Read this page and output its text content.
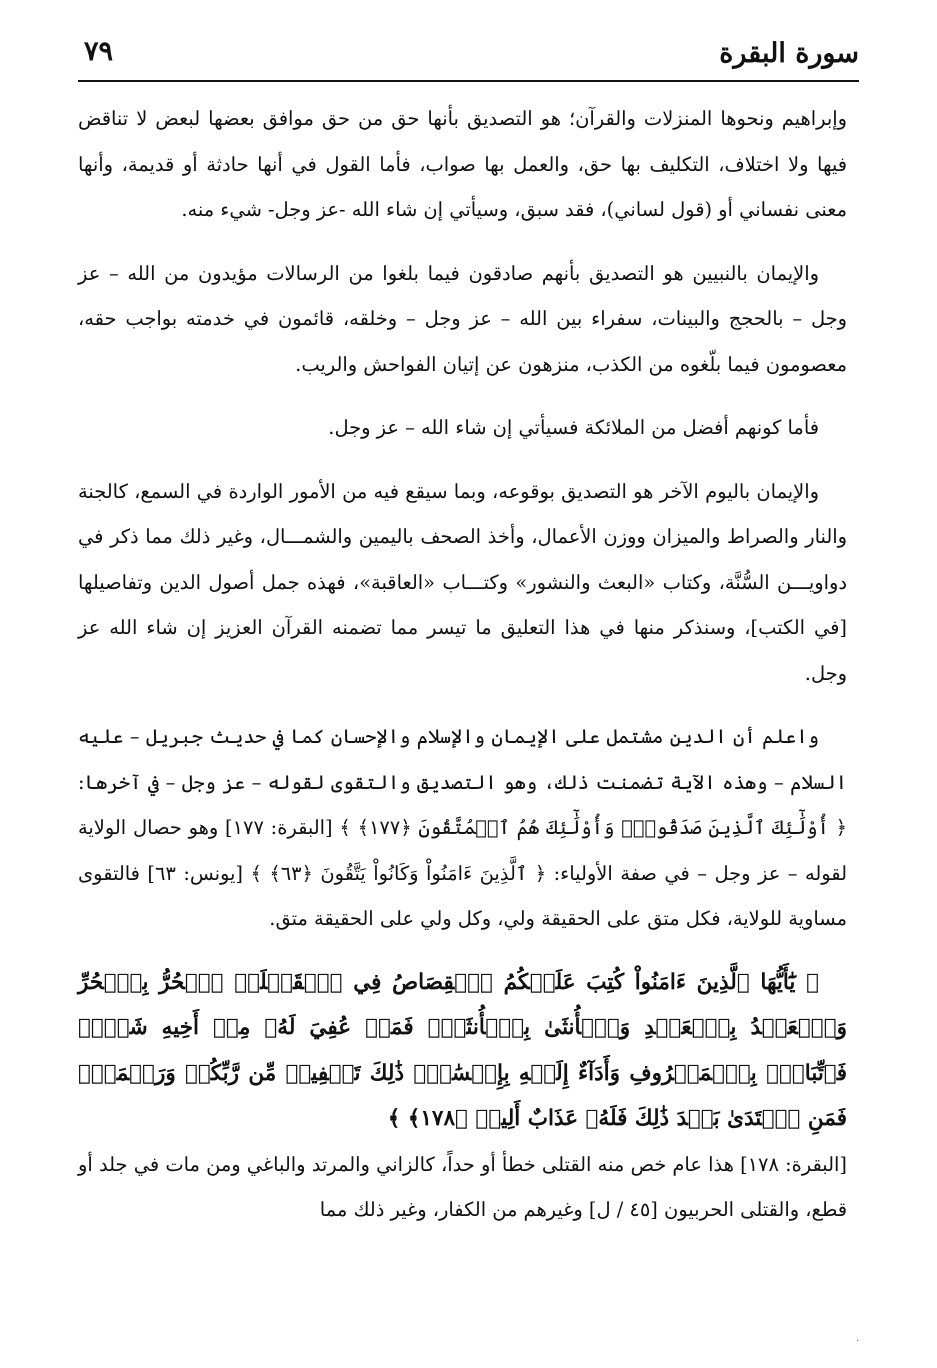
سورة البقرة
٧٩

وإبراهيم ونحوها المنزلات والقرآن؛ هو التصديق بأنها حق من حق موافق بعضها لبعض لا تناقض فيها ولا اختلاف، التكليف بها حق، والعمل بها صواب، فأما القول في أنها حادثة أو قديمة، وأنها معنى نفساني أو (قول لساني)، فقد سبق، وسيأتي إن شاء الله -عز وجل- شيء منه.

والإيمان بالنبيين هو التصديق بأنهم صادقون فيما بلغوا من الرسالات مؤيدون من الله – عز وجل – بالحجج والبينات، سفراء بين الله – عز وجل – وخلقه، قائمون في خدمته بواجب حقه، معصومون فيما بلّغوه من الكذب، منزهون عن إتيان الفواحش والريب.

فأما كونهم أفضل من الملائكة فسيأتي إن شاء الله – عز وجل.

والإيمان باليوم الآخر هو التصديق بوقوعه، وبما سيقع فيه من الأمور الواردة في السمع، كالجنة والنار والصراط والميزان ووزن الأعمال، وأخذ الصحف باليمين والشمـــال، وغير ذلك مما ذكر في دواويـــن السُّنَّة، وكتاب «البعث والنشور» وكتـــاب «العاقبة»، فهذه جمل أصول الدين وتفاصيلها [في الكتب]، وسنذكر منها في هذا التعليق ما تيسر مما تضمنه القرآن العزيز إن شاء الله عز وجل.

واعلم أن الدين مشتمل على الإيمان والإسلام والإحسان كما في حديث جبريل – عليه السلام – وهذه الآية تضمنت ذلك، وهو التصديق والتقوى لقوله – عز وجل – في آخرها: ﴿ أُوْلَٰٓئِكَ ٱلَّذِينَ صَدَقُواْۖ وَأُوْلَٰٓئِكَ هُمُ ٱلۡمُتَّقُونَ ﴿١٧٧﴾ ﴾ [البقرة: ١٧٧] وهو حصال الولاية لقوله – عز وجل – في صفة الأولياء: ﴿ ٱلَّذِينَ ءَامَنُواْ وَكَانُواْ يَتَّقُونَ ﴿٦٣﴾ ﴾ [يونس: ٦٣] فالتقوى مساوية للولاية، فكل متق على الحقيقة ولي، وكل ولي على الحقيقة متق.

﴿ يَٰٓأَيُّهَا ٱلَّذِينَ ءَامَنُواْ كُتِبَ عَلَيۡكُمُ ٱلۡقِصَاصُ فِي ٱلۡقَتۡلَىۖ ٱلۡحُرُّ بِٱلۡحُرِّ وَٱلۡعَبۡدُ بِٱلۡعَبۡدِ وَٱلۡأُنثَىٰ بِٱلۡأُنثَىٰۚ فَمَنۡ عُفِيَ لَهُۥ مِنۡ أَخِيهِ شَيۡءٞ فَٱتِّبَاعُۢ بِٱلۡمَعۡرُوفِ وَأَدَآءٌ إِلَيۡهِ بِإِحۡسَٰنٖۗ ذَٰلِكَ تَخۡفِيفٞ مِّن رَّبِّكُمۡ وَرَحۡمَةٞۗ فَمَنِ ٱعۡتَدَىٰ بَعۡدَ ذَٰلِكَ فَلَهُۥ عَذَابٌ أَلِيمٞ ﴿١٧٨﴾ ﴾

[البقرة: ١٧٨] هذا عام خص منه القتلى خطأ أو حداً، كالزاني والمرتد والباغي ومن مات في جلد أو قطع، والقتلى الحربيون [٤٥ / ل] وغيرهم من الكفار، وغير ذلك مما

·
